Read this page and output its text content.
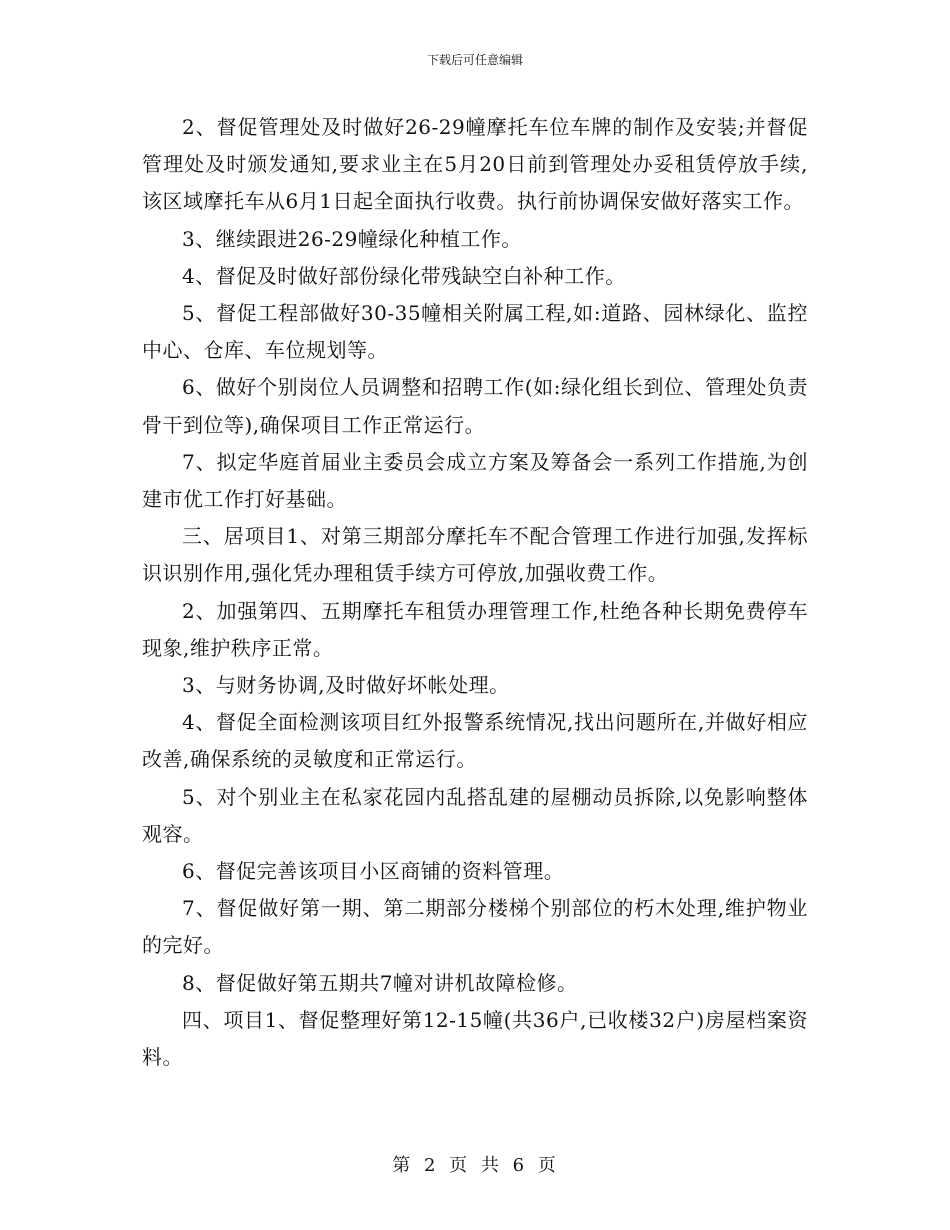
下载后可任意编辑

2、督促管理处及时做好26-29幢摩托车位车牌的制作及安装;并督促管理处及时颁发通知,要求业主在5月20日前到管理处办妥租赁停放手续,该区域摩托车从6月1日起全面执行收费。执行前协调保安做好落实工作。

3、继续跟进26-29幢绿化种植工作。

4、督促及时做好部份绿化带残缺空白补种工作。

5、督促工程部做好30-35幢相关附属工程,如:道路、园林绿化、监控中心、仓库、车位规划等。

6、做好个别岗位人员调整和招聘工作(如:绿化组长到位、管理处负责骨干到位等),确保项目工作正常运行。

7、拟定华庭首届业主委员会成立方案及筹备会一系列工作措施,为创建市优工作打好基础。

三、居项目1、对第三期部分摩托车不配合管理工作进行加强,发挥标识识别作用,强化凭办理租赁手续方可停放,加强收费工作。

2、加强第四、五期摩托车租赁办理管理工作,杜绝各种长期免费停车现象,维护秩序正常。

3、与财务协调,及时做好坏帐处理。

4、督促全面检测该项目红外报警系统情况,找出问题所在,并做好相应改善,确保系统的灵敏度和正常运行。

5、对个别业主在私家花园内乱搭乱建的屋棚动员拆除,以免影响整体观容。

6、督促完善该项目小区商铺的资料管理。

7、督促做好第一期、第二期部分楼梯个别部位的朽木处理,维护物业的完好。

8、督促做好第五期共7幢对讲机故障检修。

四、项目1、督促整理好第12-15幢(共36户,已收楼32户)房屋档案资料。

第 2 页 共 6 页
